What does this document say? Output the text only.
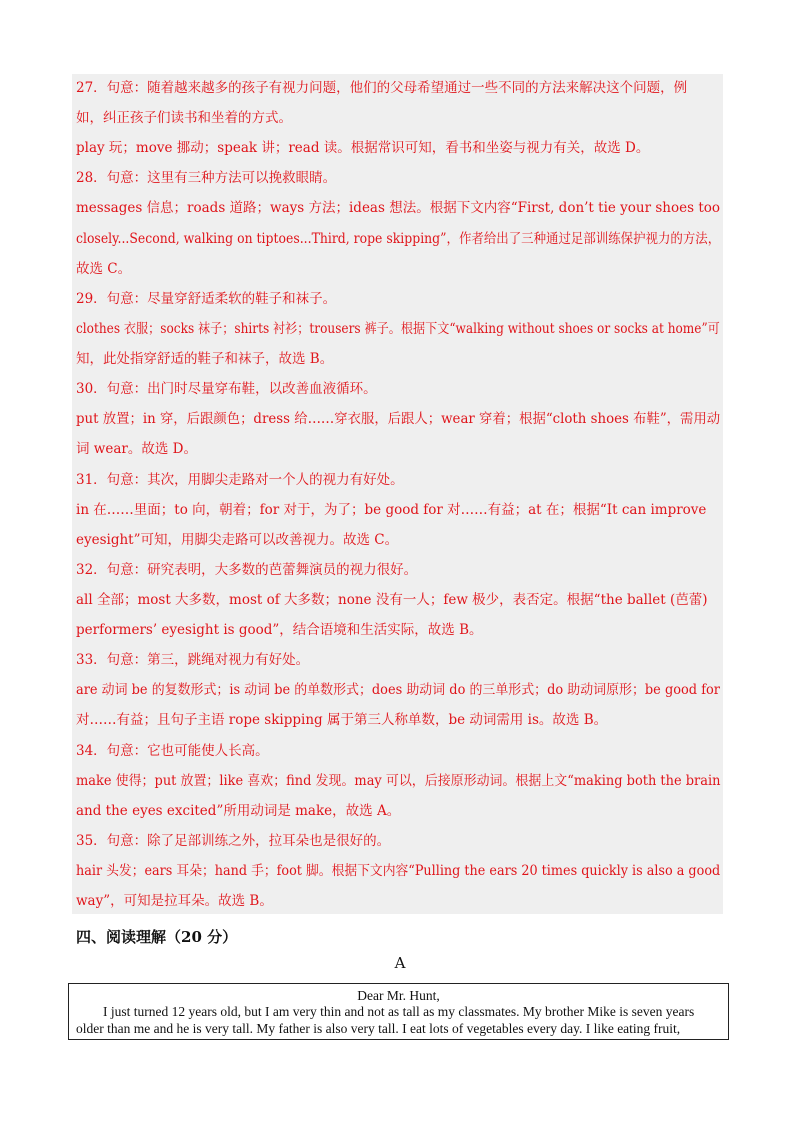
27．句意：随着越来越多的孩子有视力问题，他们的父母希望通过一些不同的方法来解决这个问题，例
如，纠正孩子们读书和坐着的方式。
play 玩；move 挪动；speak 讲；read 读。根据常识可知，看书和坐姿与视力有关，故选 D。
28．句意：这里有三种方法可以挽救眼睛。
messages 信息；roads 道路；ways 方法；ideas 想法。根据下文内容“First, don’t tie your shoes too
closely...Second, walking on tiptoes...Third, rope skipping”，作者给出了三种通过足部训练保护视力的方法，
故选 C。
29．句意：尽量穿舒适柔软的鞋子和袜子。
clothes 衣服；socks 袜子；shirts 衬衫；trousers 裤子。根据下文“walking without shoes or socks at home”可
知，此处指穿舒适的鞋子和袜子，故选 B。
30．句意：出门时尽量穿布鞋，以改善血液循环。
put 放置；in 穿，后跟颜色；dress 给……穿衣服，后跟人；wear 穿着；根据“cloth shoes 布鞋”，需用动
词 wear。故选 D。
31．句意：其次，用脚尖走路对一个人的视力有好处。
in 在……里面；to 向，朝着；for 对于，为了；be good for 对……有益；at 在；根据“It can improve
eyesight”可知，用脚尖走路可以改善视力。故选 C。
32．句意：研究表明，大多数的芭蕾舞演员的视力很好。
all 全部；most 大多数，most of 大多数；none 没有一人；few 极少，表否定。根据“the ballet (芭蕾)
performers’ eyesight is good”，结合语境和生活实际，故选 B。
33．句意：第三，跳绳对视力有好处。
are 动词 be 的复数形式；is 动词 be 的单数形式；does 助动词 do 的三单形式；do 助动词原形；be good for
对……有益；且句子主语 rope skipping 属于第三人称单数，be 动词需用 is。故选 B。
34．句意：它也可能使人长高。
make 使得；put 放置；like 喜欢；find 发现。may 可以，后接原形动词。根据上文“making both the brain
and the eyes excited”所用动词是 make，故选 A。
35．句意：除了足部训练之外，拉耳朵也是很好的。
hair 头发；ears 耳朵；hand 手；foot 脚。根据下文内容“Pulling the ears 20 times quickly is also a good
way”，可知是拉耳朵。故选 B。
四、阅读理解（20 分）
A
Dear Mr. Hunt,
I just turned 12 years old, but I am very thin and not as tall as my classmates. My brother Mike is seven years
older than me and he is very tall. My father is also very tall. I eat lots of vegetables every day. I like eating fruit,
